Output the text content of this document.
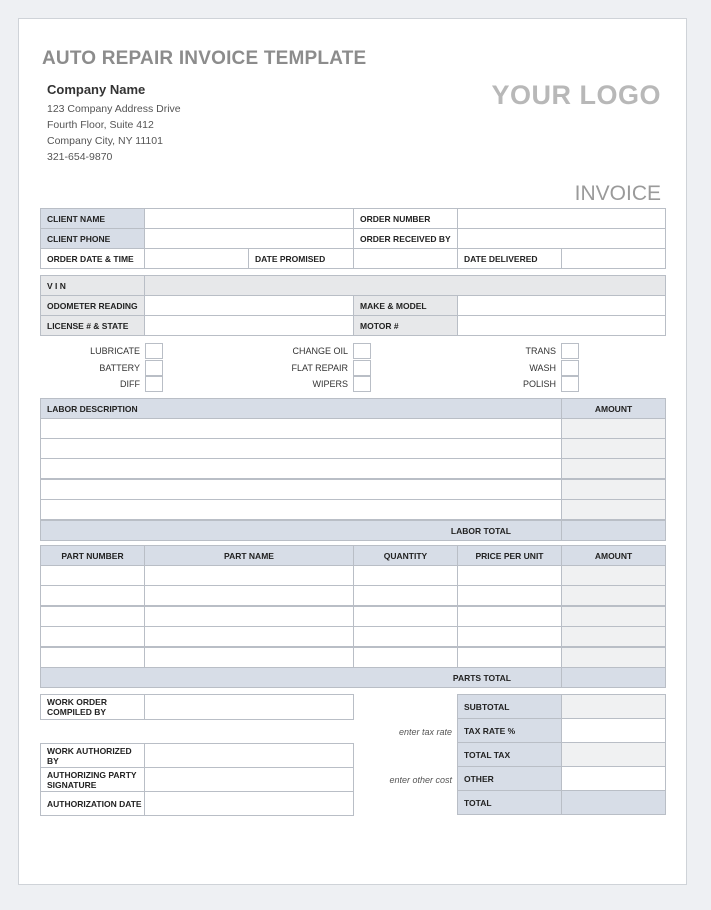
AUTO REPAIR INVOICE TEMPLATE
Company Name
123 Company Address Drive
Fourth Floor, Suite 412
Company City, NY 11101
321-654-9870
YOUR LOGO
INVOICE
CLIENT NAME	ORDER NUMBER
CLIENT PHONE	ORDER RECEIVED BY
ORDER DATE & TIME	DATE PROMISED	DATE DELIVERED
V I N
ODOMETER READING	MAKE & MODEL
LICENSE # & STATE	MOTOR #
LUBRICATE
BATTERY
DIFF
CHANGE OIL
FLAT REPAIR
WIPERS
TRANS
WASH
POLISH
LABOR DESCRIPTION	AMOUNT
LABOR TOTAL
PART NUMBER	PART NAME	QUANTITY	PRICE PER UNIT	AMOUNT
PARTS TOTAL
WORK ORDER COMPILED BY
WORK AUTHORIZED BY
AUTHORIZING PARTY SIGNATURE
AUTHORIZATION DATE
enter tax rate
enter other cost
SUBTOTAL
TAX RATE %
TOTAL TAX
OTHER
TOTAL
